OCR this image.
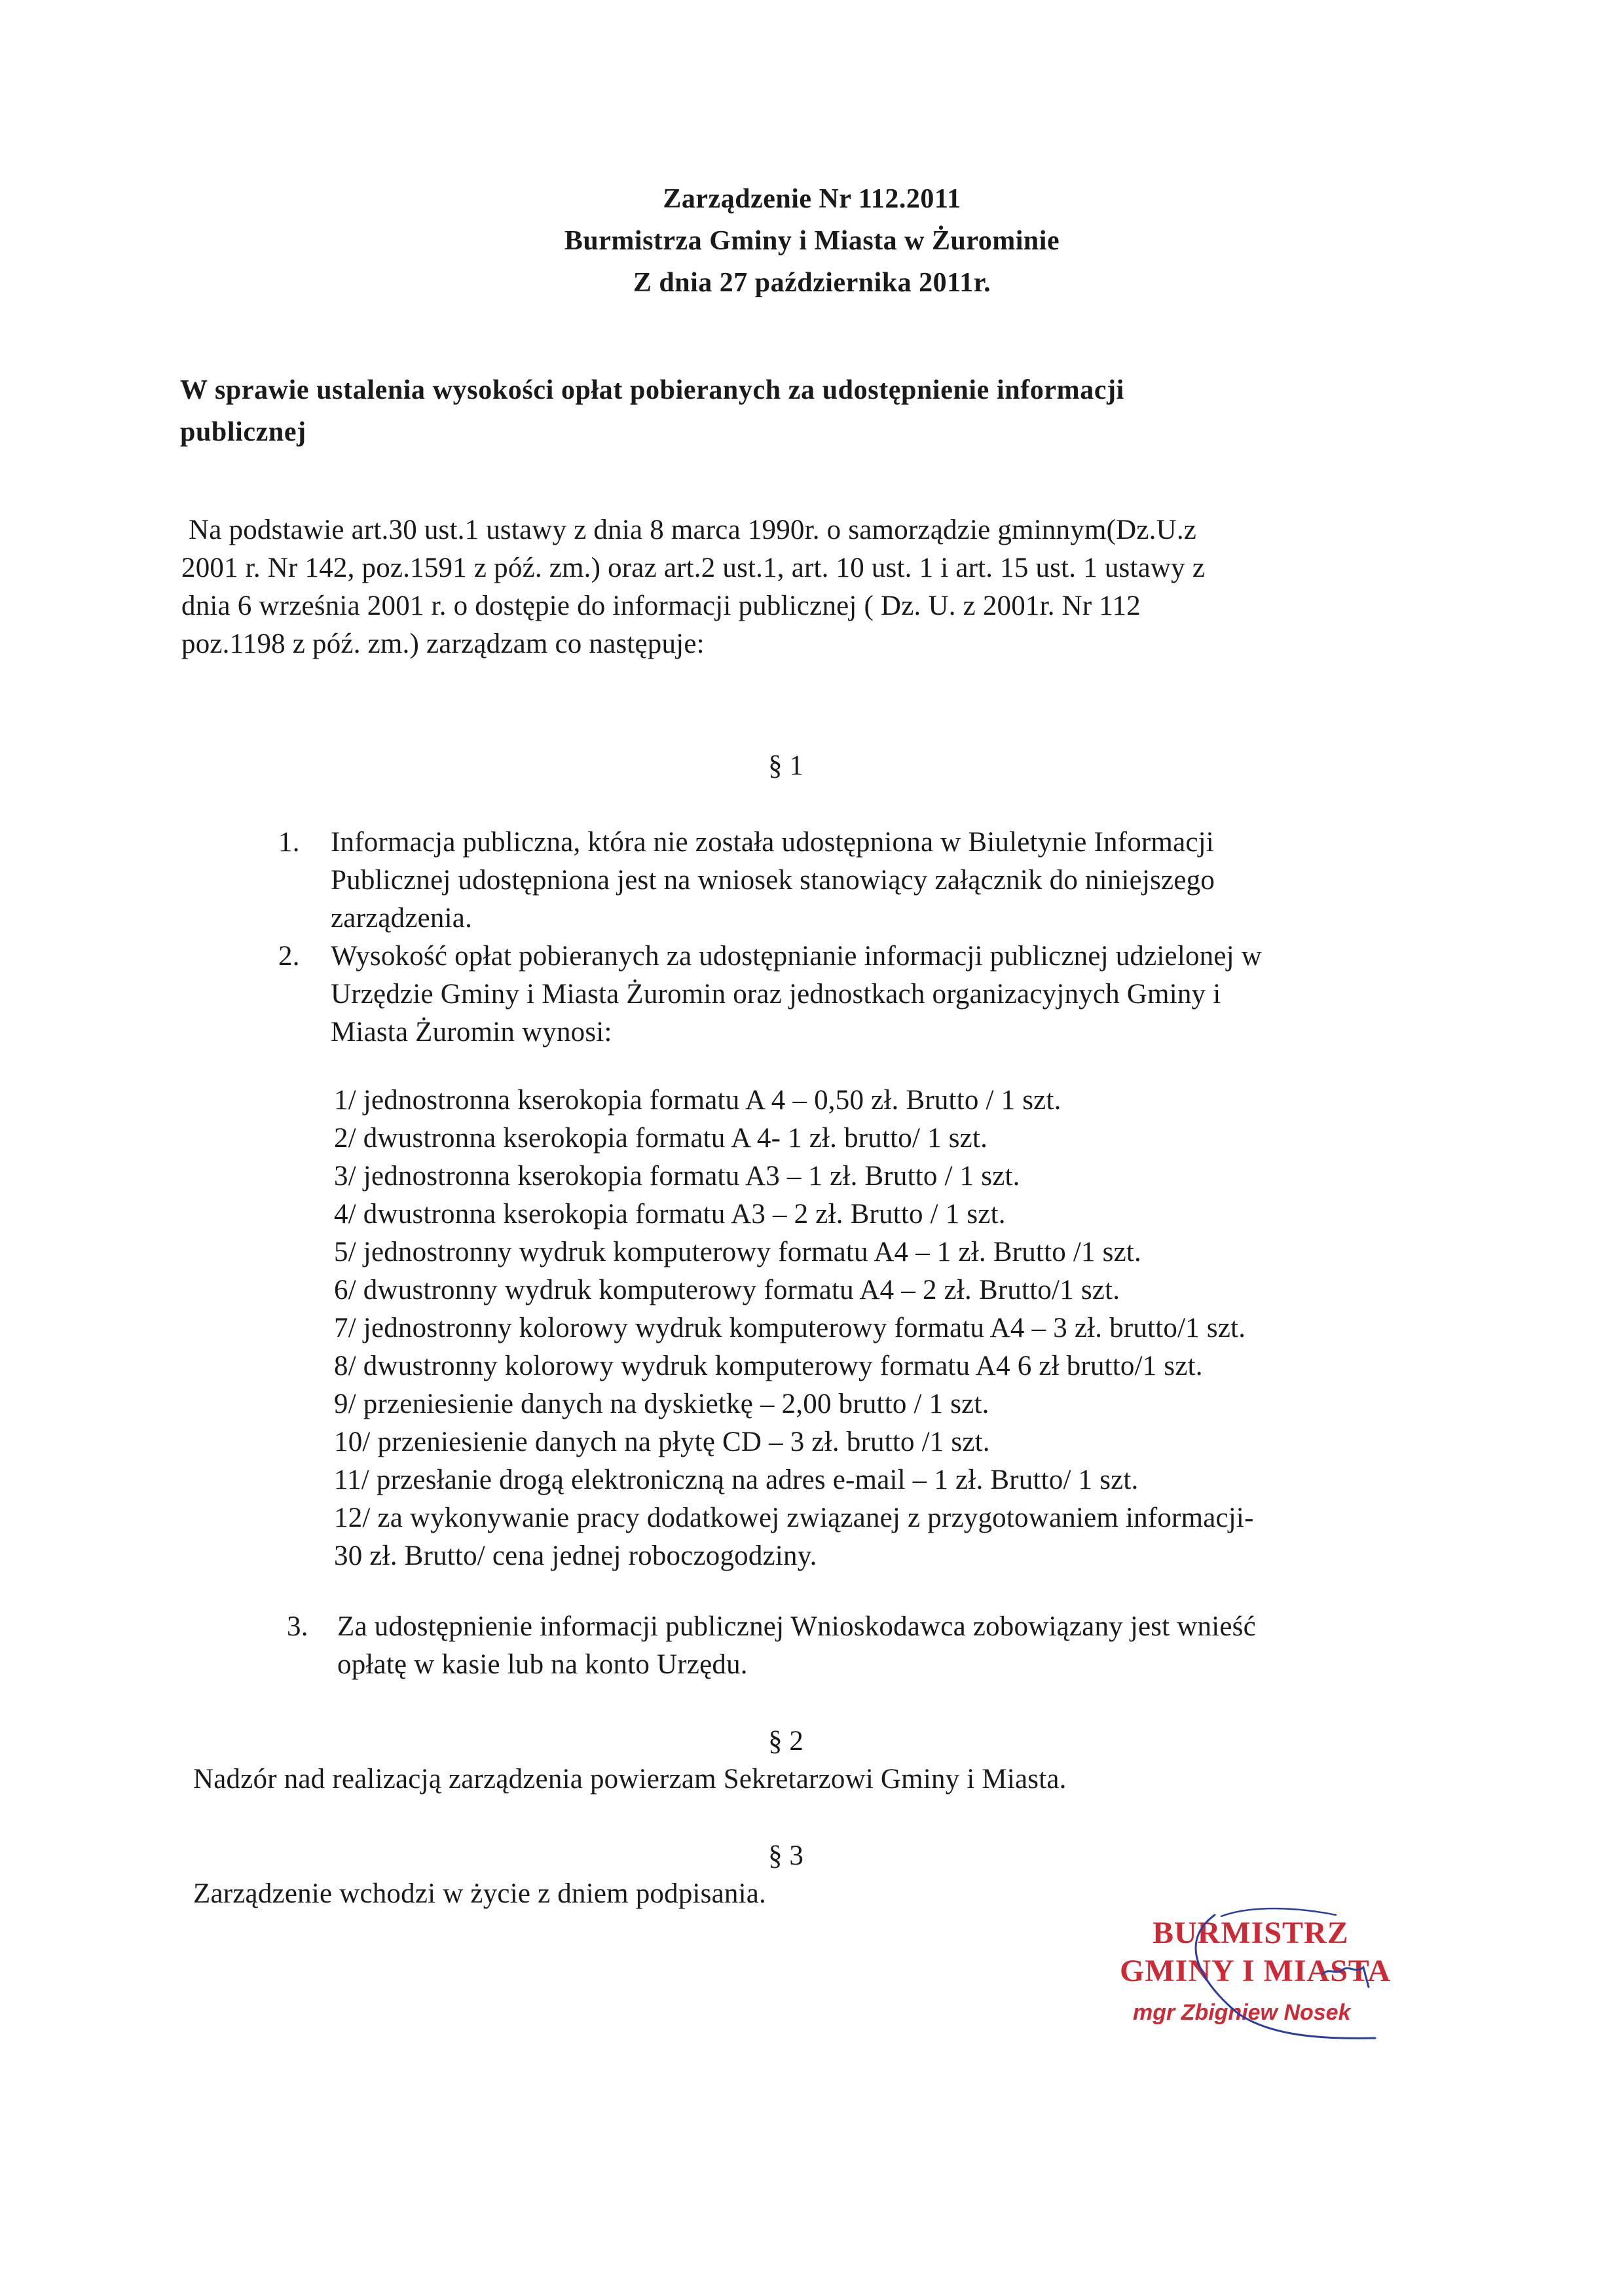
Zarządzenie Nr 112.2011
Burmistrza Gminy i Miasta w Żurominie
Z dnia 27 października 2011r.
W sprawie ustalenia wysokości opłat pobieranych za udostępnienie informacji
publicznej
Na podstawie art.30 ust.1 ustawy z dnia 8 marca 1990r. o samorządzie gminnym(Dz.U.z
2001 r. Nr 142, poz.1591 z póź. zm.) oraz art.2 ust.1, art. 10 ust. 1 i art. 15 ust. 1 ustawy z
dnia 6 września 2001 r. o dostępie do informacji publicznej ( Dz. U. z 2001r. Nr 112
poz.1198 z póź. zm.) zarządzam co następuje:
§ 1
1. Informacja publiczna, która nie została udostępniona w Biuletynie Informacji
Publicznej udostępniona jest na wniosek stanowiący załącznik do niniejszego
zarządzenia.
2. Wysokość opłat pobieranych za udostępnianie informacji publicznej udzielonej w
Urzędzie Gminy i Miasta Żuromin oraz jednostkach organizacyjnych Gminy i
Miasta Żuromin wynosi:
1/ jednostronna kserokopia formatu A 4 – 0,50 zł. Brutto / 1 szt.
2/ dwustronna kserokopia formatu A 4- 1 zł. brutto/ 1 szt.
3/ jednostronna kserokopia formatu A3 – 1 zł. Brutto / 1 szt.
4/ dwustronna kserokopia formatu A3 – 2 zł. Brutto / 1 szt.
5/ jednostronny wydruk komputerowy formatu A4 – 1 zł. Brutto /1 szt.
6/ dwustronny wydruk komputerowy formatu A4 – 2 zł. Brutto/1 szt.
7/ jednostronny kolorowy wydruk komputerowy formatu A4 – 3 zł. brutto/1 szt.
8/ dwustronny kolorowy wydruk komputerowy formatu A4 6 zł brutto/1 szt.
9/ przeniesienie danych na dyskietkę – 2,00 brutto / 1 szt.
10/ przeniesienie danych na płytę CD – 3 zł. brutto /1 szt.
11/ przesłanie drogą elektroniczną na adres e-mail – 1 zł. Brutto/ 1 szt.
12/ za wykonywanie pracy dodatkowej związanej z przygotowaniem informacji-
30 zł. Brutto/ cena jednej roboczogodziny.
3. Za udostępnienie informacji publicznej Wnioskodawca zobowiązany jest wnieść
opłatę w kasie lub na konto Urzędu.
§ 2
Nadzór nad realizacją zarządzenia powierzam Sekretarzowi Gminy i Miasta.
§ 3
Zarządzenie wchodzi w życie z dniem podpisania.
BURMISTRZ
GMINY I MIASTA
mgr Zbigniew Nosek
